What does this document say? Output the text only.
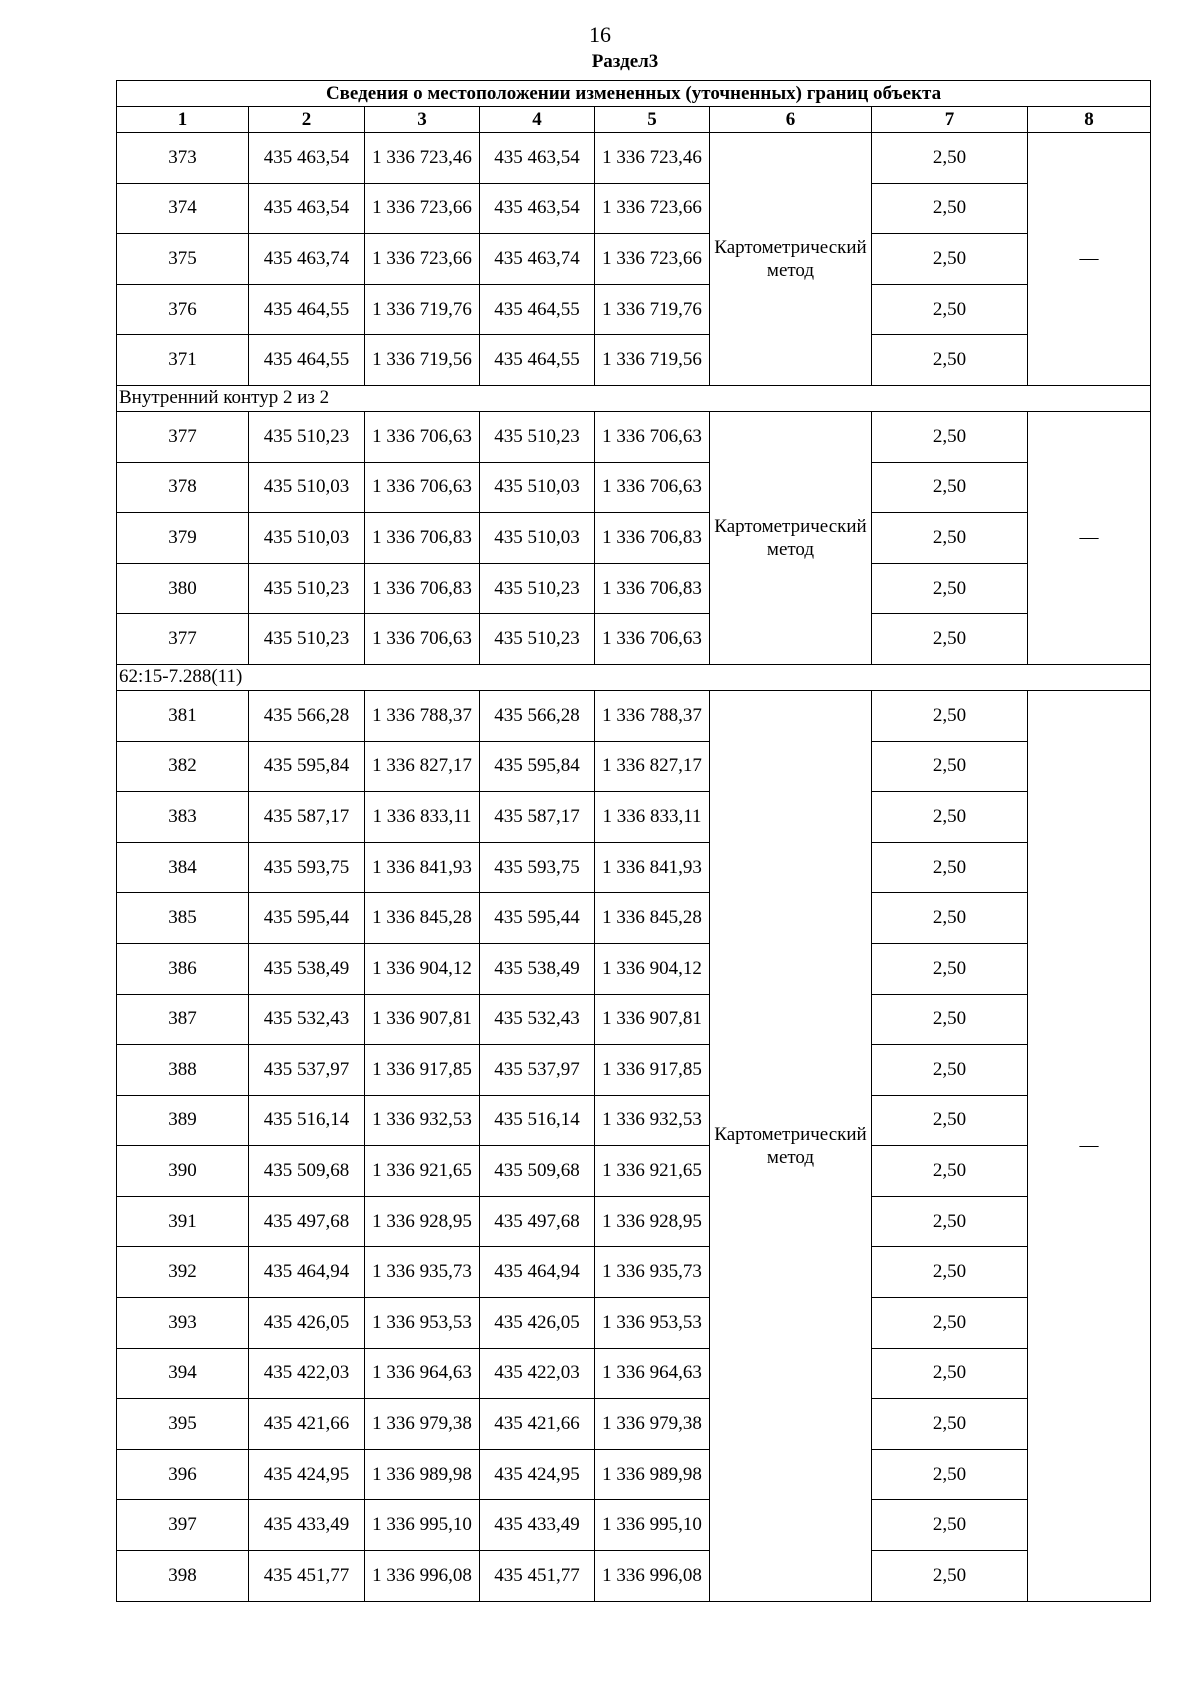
16
Раздел3
Сведения о местоположении измененных (уточненных) границ объекта							
1	2	3	4	5	6	7	8
373	435 463,54	1 336 723,46	435 463,54	1 336 723,46	Картометрический метод	2,50	—
374	435 463,54	1 336 723,66	435 463,54	1 336 723,66		2,50	
375	435 463,74	1 336 723,66	435 463,74	1 336 723,66		2,50	
376	435 464,55	1 336 719,76	435 464,55	1 336 719,76		2,50	
371	435 464,55	1 336 719,56	435 464,55	1 336 719,56		2,50	
Внутренний контур 2 из 2							
377	435 510,23	1 336 706,63	435 510,23	1 336 706,63	Картометрический метод	2,50	—
378	435 510,03	1 336 706,63	435 510,03	1 336 706,63		2,50	
379	435 510,03	1 336 706,83	435 510,03	1 336 706,83		2,50	
380	435 510,23	1 336 706,83	435 510,23	1 336 706,83		2,50	
377	435 510,23	1 336 706,63	435 510,23	1 336 706,63		2,50	
62:15-7.288(11)							
381	435 566,28	1 336 788,37	435 566,28	1 336 788,37	Картометрический метод	2,50	—
382	435 595,84	1 336 827,17	435 595,84	1 336 827,17		2,50	
383	435 587,17	1 336 833,11	435 587,17	1 336 833,11		2,50	
384	435 593,75	1 336 841,93	435 593,75	1 336 841,93		2,50	
385	435 595,44	1 336 845,28	435 595,44	1 336 845,28		2,50	
386	435 538,49	1 336 904,12	435 538,49	1 336 904,12		2,50	
387	435 532,43	1 336 907,81	435 532,43	1 336 907,81		2,50	
388	435 537,97	1 336 917,85	435 537,97	1 336 917,85		2,50	
389	435 516,14	1 336 932,53	435 516,14	1 336 932,53		2,50	
390	435 509,68	1 336 921,65	435 509,68	1 336 921,65		2,50	
391	435 497,68	1 336 928,95	435 497,68	1 336 928,95		2,50	
392	435 464,94	1 336 935,73	435 464,94	1 336 935,73		2,50	
393	435 426,05	1 336 953,53	435 426,05	1 336 953,53		2,50	
394	435 422,03	1 336 964,63	435 422,03	1 336 964,63		2,50	
395	435 421,66	1 336 979,38	435 421,66	1 336 979,38		2,50	
396	435 424,95	1 336 989,98	435 424,95	1 336 989,98		2,50	
397	435 433,49	1 336 995,10	435 433,49	1 336 995,10		2,50	
398	435 451,77	1 336 996,08	435 451,77	1 336 996,08		2,50	
